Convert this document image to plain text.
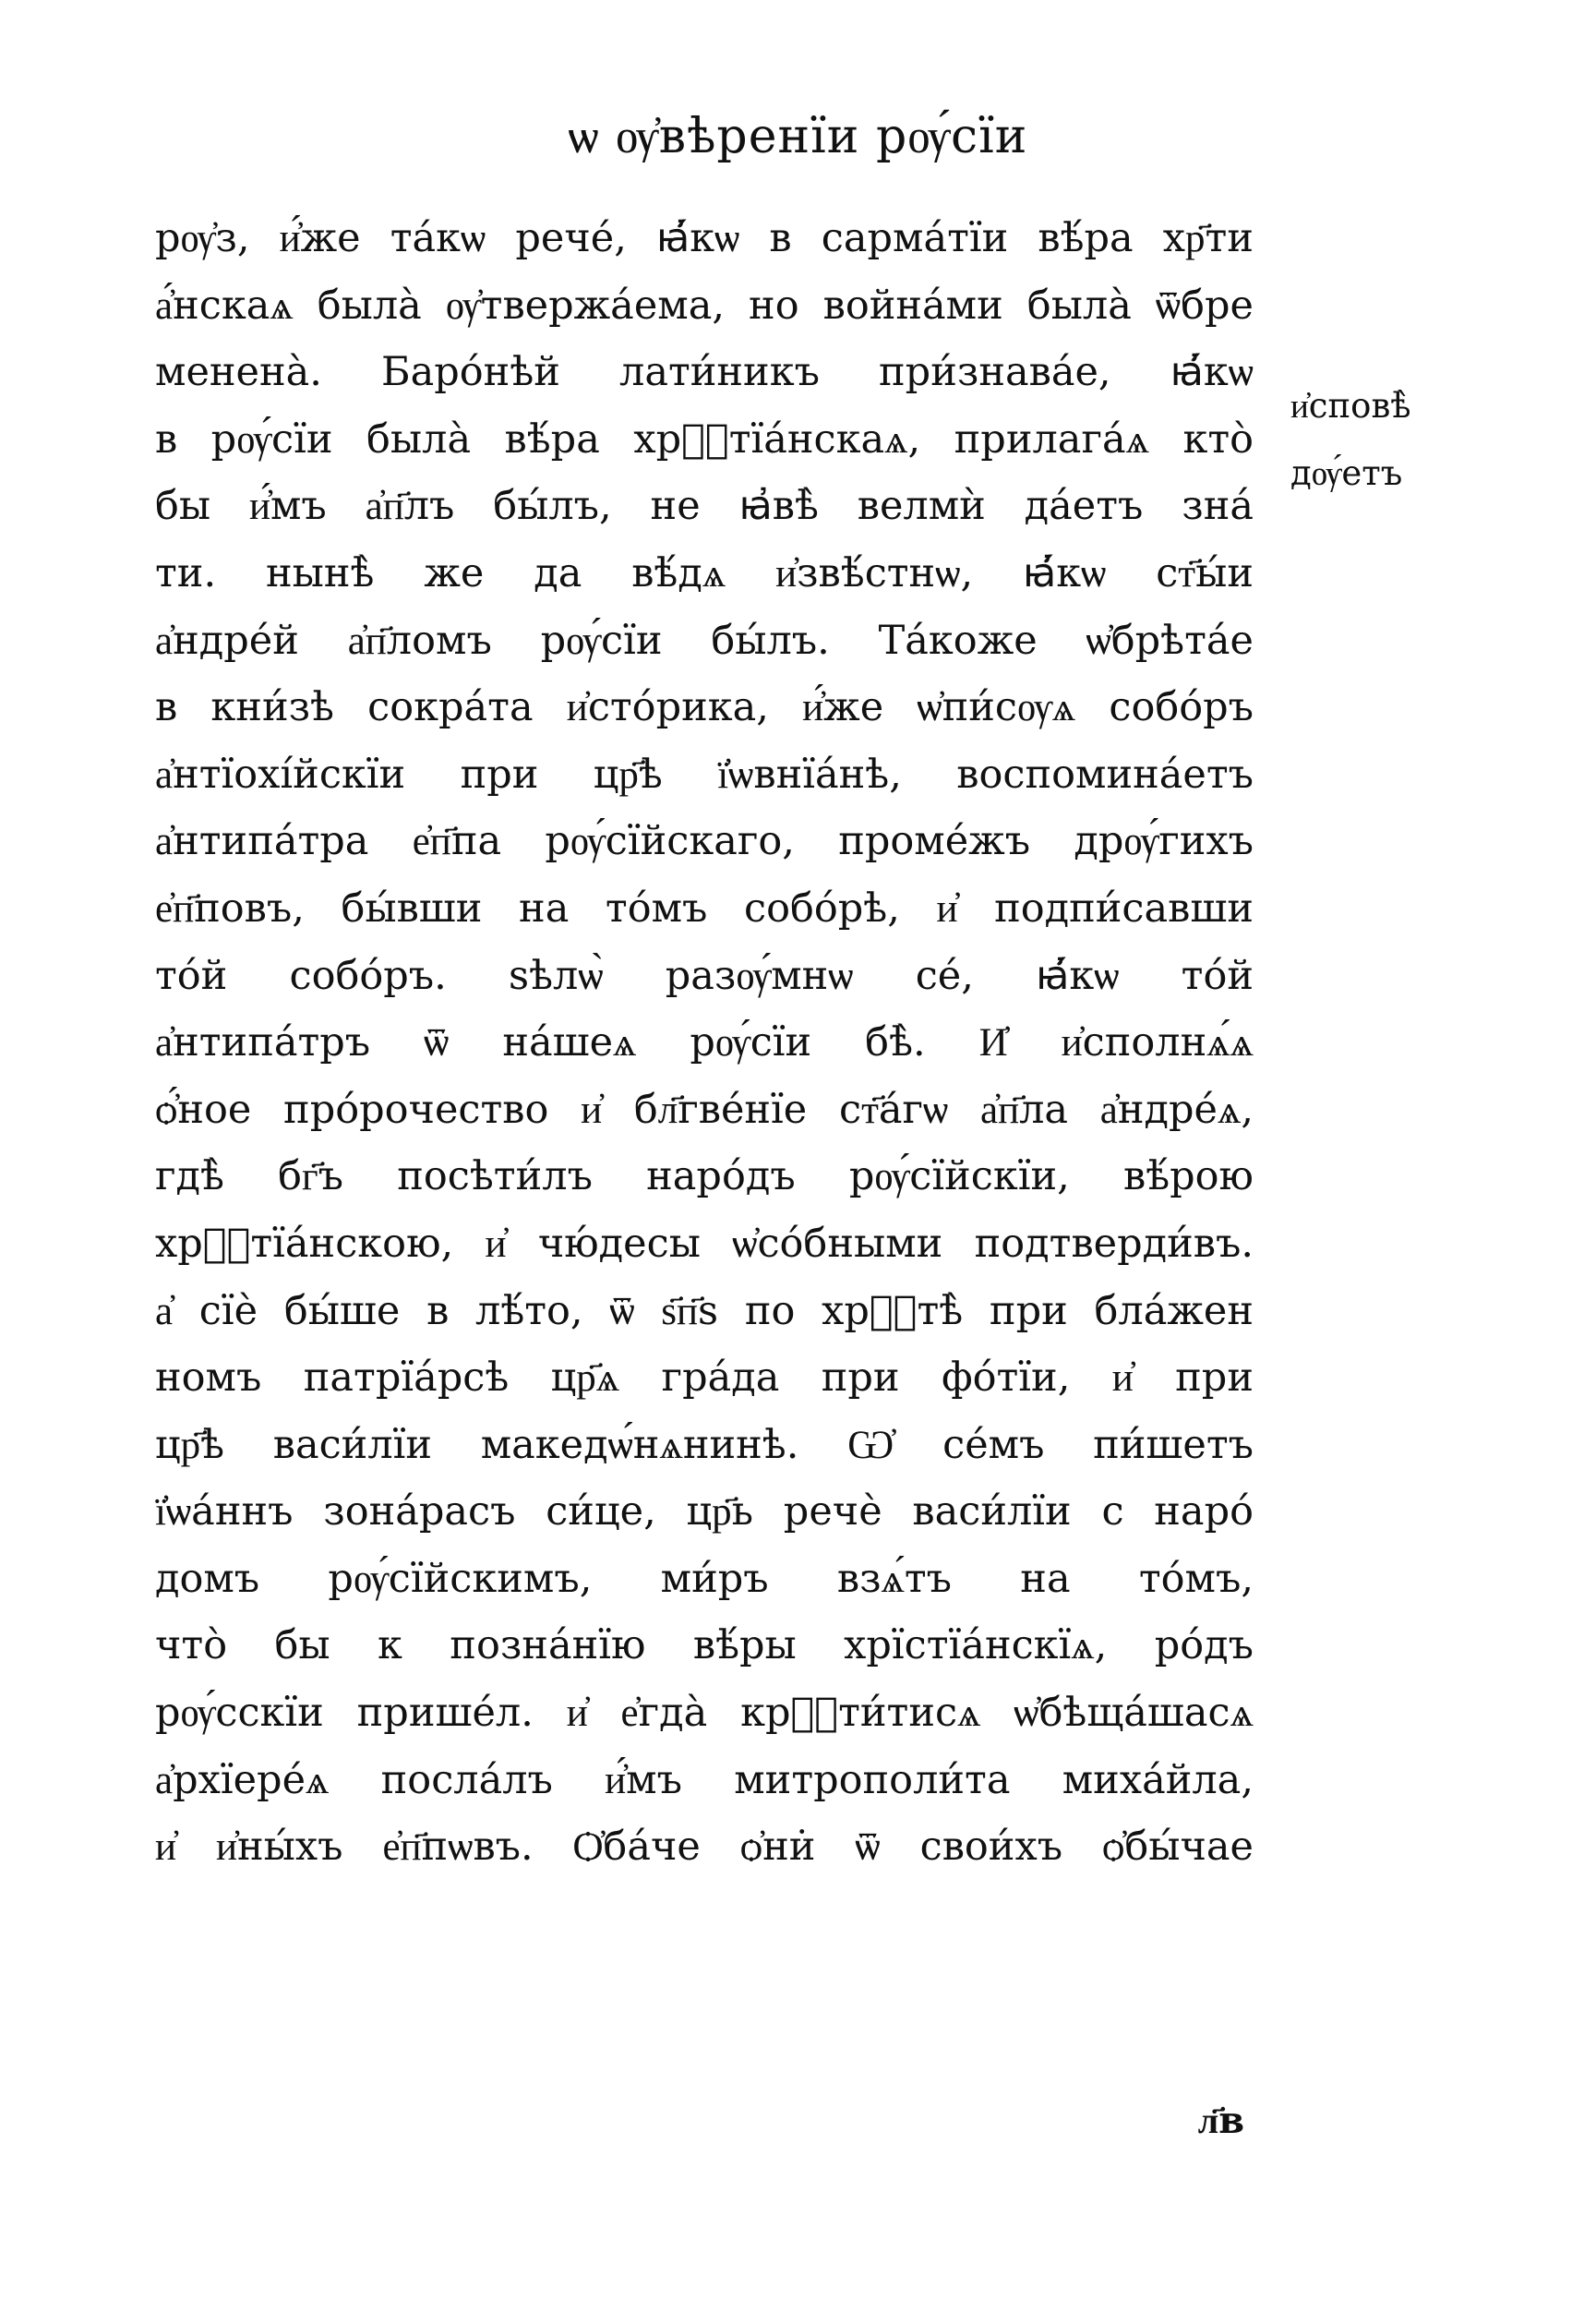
ѡ ѹ҆вѣренїи рѹ́сїи
рѹ҆з, и҆́же та́кѡ рече́, ꙗ҆́кѡ в сарма́тїи вѣ́ра хр҃ти
а҆́нскаѧ была̀ ѹ҆твержа́ема, но война́ми была̀ ѿбре
менена̀. Баро́нѣй лати́никъ при́знава́е, ꙗ҆́кѡ
в рѹ́сїи была̀ вѣ́ра хрⷭ҇тїа́нскаѧ, прилага́ѧ кто̀
бы и҆́мъ а҆п҃лъ бы́лъ, не ꙗ҆вѣ̀ велмѝ да́етъ зна́
ти. нынѣ̀ же да вѣ́дѧ и҆звѣ́стнѡ, ꙗ҆́кѡ ст҃ы́и
а҆ндре́й а҆п҃ломъ рѹ́сїи бы́лъ. Та́коже ѡ҆брѣта́е
в кни́зѣ сокра́та и҆сто́рика, и҆́же ѡ҆пи́сѹѧ собо́ръ
а҆нтїохі́йскїи при цр҃ѣ ї҆ѡвнїа́нѣ, воспомина́етъ
а҆нтипа́тра е҆п҃па рѹ́сїйскаго, проме́жъ дрѹ́гихъ
е҆п҃повъ, бы́вши на то́мъ собо́рѣ, и҆ подпи́савши
то́й собо́ръ. ѕѣлѡ̀ разѹ́мнѡ се́, ꙗ҆́кѡ то́й
а҆нтипа́тръ ѿ на́шеѧ рѹ́сїи бѣ̀. И҆ и҆сполнѧ́ѧ
ѻ҆́ное про́рочество и҆ бл҃гве́нїе ст҃а́гѡ а҆п҃ла а҆ндре́ѧ,
гдѣ̀ бг҃ъ посѣти́лъ наро́дъ рѹ́сїйскїи, вѣ́рою
хрⷭ҇тїа́нскою, и҆ чю́десы ѡ҆со́бными подтверди́въ.
а҆ сїѐ бы́ше в лѣ́то, ѿ ѕ҃п҃ѕ по хрⷭ҇тѣ̀ при бла́жен
номъ патрїа́рсѣ цр҃ѧ гра́да при фо́тїи, и҆ при
цр҃ѣ васи́лїи македѡ́нѧнинѣ. Ѡ҆ се́мъ пи́шетъ
ї҆ѡа́ннъ зона́расъ си́це, цр҃ь речѐ васи́лїи с наро́
домъ рѹ́сїйскимъ, ми́ръ взѧ́тъ на то́мъ,
что̀ бы к позна́нїю вѣ́ры хрїстїа́нскїѧ, ро́дъ
рѹ́сскїи прише́л. и҆ е҆гда̀ крⷭ҇ти́тисѧ ѡ҆бѣща́шасѧ
а҆рхїере́ѧ посла́лъ и҆́мъ митрополи́та миха́йла,
и҆ и҆ны́хъ е҆п҃пѡвъ. Ѻ҆ба́че ѻ҆ни̇ ѿ свои́хъ ѻ҆бы́чае
и҆сповѣ̀
дѹ́етъ
л҃в
